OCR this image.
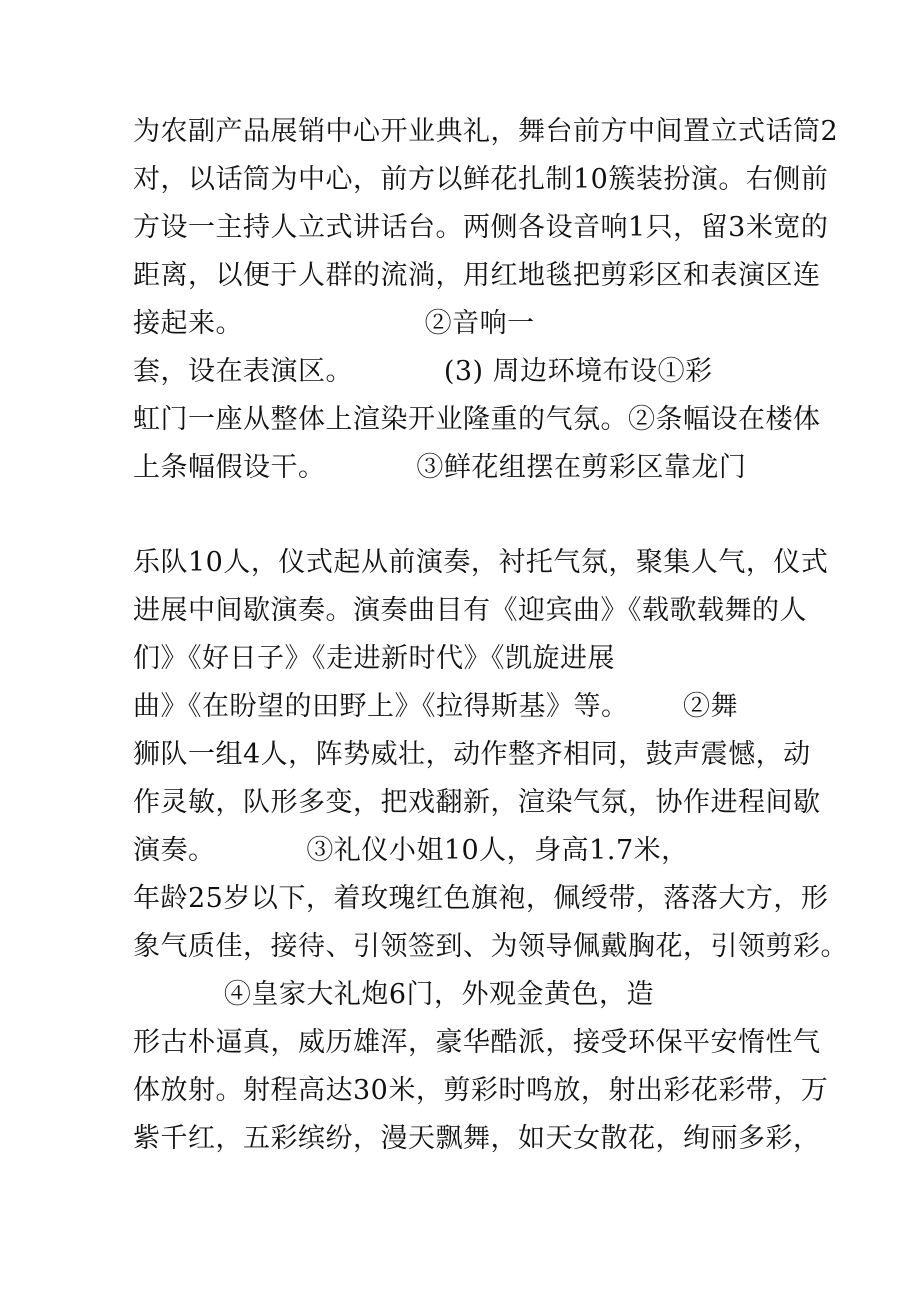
为农副产品展销中心开业典礼，舞台前方中间置立式话筒2
对，以话筒为中心，前方以鲜花扎制10簇装扮演。右侧前
方设一主持人立式讲话台。两侧各设音响1只，留3米宽的
距离，以便于人群的流淌，用红地毯把剪彩区和表演区连
接起来。                    ②音响一
套，设在表演区。          (3) 周边环境布设①彩
虹门一座从整体上渲染开业隆重的气氛。②条幅设在楼体
上条幅假设干。          ③鲜花组摆在剪彩区靠龙门
乐队10人，仪式起从前演奏，衬托气氛，聚集人气，仪式
进展中间歇演奏。演奏曲目有《迎宾曲》《载歌载舞的人
们》《好日子》《走进新时代》《凯旋进展
曲》《在盼望的田野上》《拉得斯基》等。      ②舞
狮队一组4人，阵势威壮，动作整齐相同，鼓声震憾，动
作灵敏，队形多变，把戏翻新，渲染气氛，协作进程间歇
演奏。          ③礼仪小姐10人，身高1.7米，
年龄25岁以下，着玫瑰红色旗袍，佩绶带，落落大方，形
象气质佳，接待、引领签到、为领导佩戴胸花，引领剪彩。
④皇家大礼炮6门，外观金黄色，造
形古朴逼真，威历雄浑，豪华酷派，接受环保平安惰性气
体放射。射程高达30米，剪彩时鸣放，射出彩花彩带，万
紫千红，五彩缤纷，漫天飘舞，如天女散花，绚丽多彩，
